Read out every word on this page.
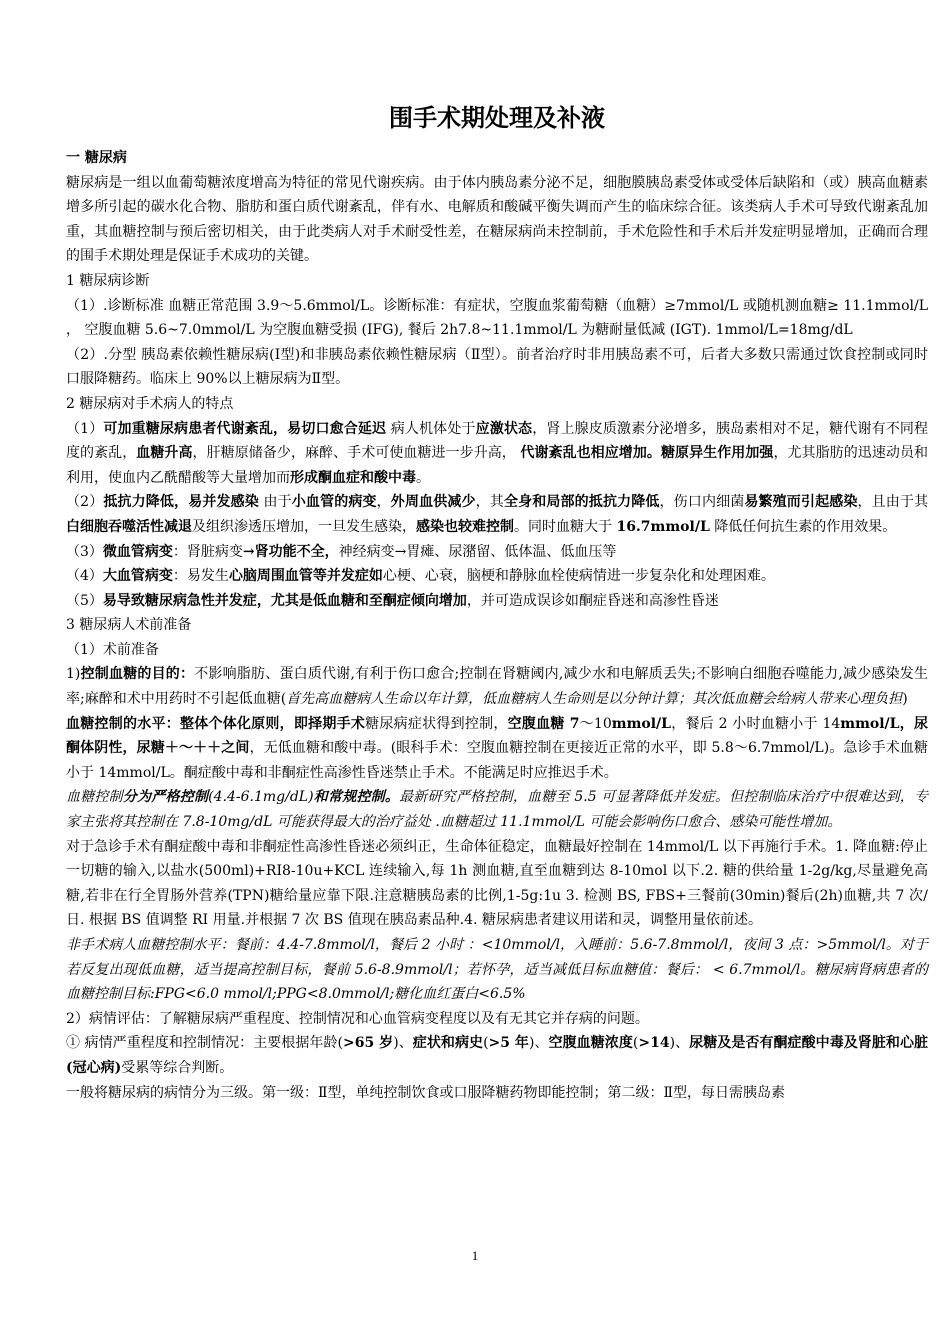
围手术期处理及补液

一 糖尿病

糖尿病是一组以血葡萄糖浓度增高为特征的常见代谢疾病。由于体内胰岛素分泌不足，细胞膜胰岛素受体或受体后缺陷和（或）胰高血糖素增多所引起的碳水化合物、脂肪和蛋白质代谢紊乱，伴有水、电解质和酸碱平衡失调而产生的临床综合征。该类病人手术可导致代谢紊乱加重，其血糖控制与预后密切相关，由于此类病人对手术耐受性差，在糖尿病尚未控制前，手术危险性和手术后并发症明显增加，正确而合理的围手术期处理是保证手术成功的关键。

1 糖尿病诊断

（1）.诊断标准 血糖正常范围 3.9～5.6mmol/L。诊断标准：有症状，空腹血浆葡萄糖（血糖）≥7mmol/L 或随机测血糖≥ 11.1mmol/L ， 空腹血糖 5.6~7.0mmol/L 为空腹血糖受损 (IFG), 餐后 2h7.8~11.1mmol/L 为糖耐量低减 (IGT). 1mmol/L=18mg/dL

（2）.分型 胰岛素依赖性糖尿病(Ⅰ型)和非胰岛素依赖性糖尿病（Ⅱ型）。前者治疗时非用胰岛素不可，后者大多数只需通过饮食控制或同时口服降糖药。临床上 90%以上糖尿病为Ⅱ型。

2 糖尿病对手术病人的特点

（1）可加重糖尿病患者代谢紊乱，易切口愈合延迟 病人机体处于应激状态，肾上腺皮质激素分泌增多，胰岛素相对不足，糖代谢有不同程度的紊乱，血糖升高，肝糖原储备少，麻醉、手术可使血糖进一步升高， 代谢紊乱也相应增加。糖原异生作用加强，尤其脂肪的迅速动员和利用，使血内乙酰醋酸等大量增加而形成酮血症和酸中毒。

（2）抵抗力降低，易并发感染 由于小血管的病变，外周血供减少，其全身和局部的抵抗力降低，伤口内细菌易繁殖而引起感染，且由于其白细胞吞噬活性减退及组织渗透压增加，一旦发生感染，感染也较难控制。同时血糖大于 16.7mmol/L 降低任何抗生素的作用效果。

（3）微血管病变：肾脏病变→肾功能不全，神经病变→胃瘫、尿潴留、低体温、低血压等

（4）大血管病变：易发生心脑周围血管等并发症如心梗、心衰，脑梗和静脉血栓使病情进一步复杂化和处理困难。

（5）易导致糖尿病急性并发症，尤其是低血糖和至酮症倾向增加，并可造成误诊如酮症昏迷和高渗性昏迷

3 糖尿病人术前准备

（1）术前准备

1)控制血糖的目的：不影响脂肪、蛋白质代谢,有利于伤口愈合;控制在肾糖阈内,减少水和电解质丢失;不影响白细胞吞噬能力,减少感染发生率;麻醉和术中用药时不引起低血糖(首先高血糖病人生命以年计算，低血糖病人生命则是以分钟计算；其次低血糖会给病人带来心理负担)

血糖控制的水平：整体个体化原则，即择期手术糖尿病症状得到控制，空腹血糖 7～10mmol/L，餐后 2 小时血糖小于 14mmol/L，尿酮体阴性，尿糖＋～＋＋之间，无低血糖和酸中毒。(眼科手术：空腹血糖控制在更接近正常的水平，即 5.8～6.7mmol/L)。急诊手术血糖小于 14mmol/L。酮症酸中毒和非酮症性高渗性昏迷禁止手术。不能满足时应推迟手术。

血糖控制分为严格控制(4.4-6.1mg/dL)和常规控制。最新研究严格控制，血糖至 5.5 可显著降低并发症。但控制临床治疗中很难达到，专家主张将其控制在 7.8-10mg/dL 可能获得最大的治疗益处 .血糖超过 11.1mmol/L 可能会影响伤口愈合、感染可能性增加。

对于急诊手术有酮症酸中毒和非酮症性高渗性昏迷必须纠正，生命体征稳定，血糖最好控制在 14mmol/L 以下再施行手术。1. 降血糖:停止一切糖的输入,以盐水(500ml)+RI8-10u+KCL 连续输入,每 1h 测血糖,直至血糖到达 8-10mol 以下.2. 糖的供给量 1-2g/kg,尽量避免高糖,若非在行全胃肠外营养(TPN)糖给量应靠下限.注意糖胰岛素的比例,1-5g:1u 3. 检测 BS, FBS+三餐前(30min)餐后(2h)血糖,共 7 次/日. 根据 BS 值调整 RI 用量.并根据 7 次 BS 值现在胰岛素品种.4. 糖尿病患者建议用诺和灵，调整用量依前述。

非手术病人血糖控制水平：餐前：4.4-7.8mmol/l，餐后 2 小时 ：<10mmol/l，入睡前：5.6-7.8mmol/l，夜间 3 点：>5mmol/l。对于若反复出现低血糖，适当提高控制目标，餐前 5.6-8.9mmol/l；若怀孕，适当减低目标血糖值：餐后： < 6.7mmol/l。糖尿病肾病患者的血糖控制目标:FPG<6.0 mmol/l;PPG<8.0mmol/l;糖化血红蛋白<6.5%

2）病情评估：了解糖尿病严重程度、控制情况和心血管病变程度以及有无其它并存病的问题。

① 病情严重程度和控制情况：主要根据年龄(>65 岁)、症状和病史(>5 年)、空腹血糖浓度(>14)、尿糖及是否有酮症酸中毒及肾脏和心脏(冠心病)受累等综合判断。

一般将糖尿病的病情分为三级。第一级：Ⅱ型，单纯控制饮食或口服降糖药物即能控制；第二级：Ⅱ型，每日需胰岛素

1
